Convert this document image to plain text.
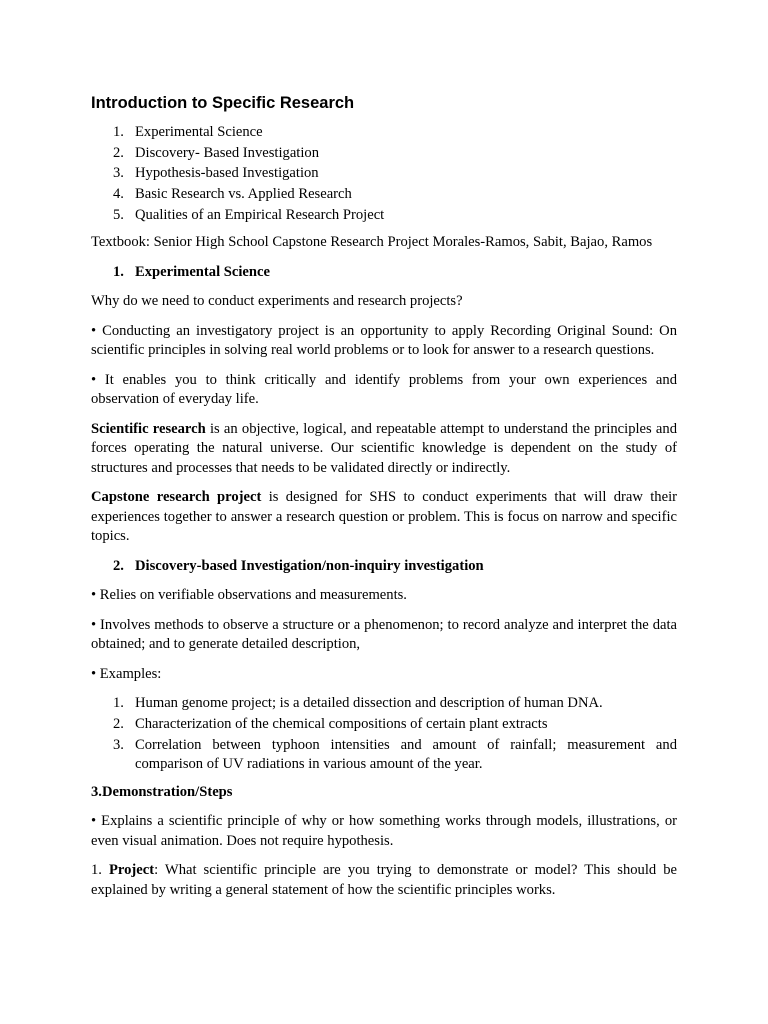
Introduction to Specific Research
1. Experimental Science
2. Discovery- Based Investigation
3. Hypothesis-based Investigation
4. Basic Research vs. Applied Research
5. Qualities of an Empirical Research Project

Textbook: Senior High School Capstone Research Project Morales-Ramos, Sabit, Bajao, Ramos

1. Experimental Science

Why do we need to conduct experiments and research projects?

• Conducting an investigatory project is an opportunity to apply Recording Original Sound: On scientific principles in solving real world problems or to look for answer to a research questions.

• It enables you to think critically and identify problems from your own experiences and observation of everyday life.

Scientific research is an objective, logical, and repeatable attempt to understand the principles and forces operating the natural universe. Our scientific knowledge is dependent on the study of structures and processes that needs to be validated directly or indirectly.

Capstone research project is designed for SHS to conduct experiments that will draw their experiences together to answer a research question or problem. This is focus on narrow and specific topics.

2. Discovery-based Investigation/non-inquiry investigation

• Relies on verifiable observations and measurements.

• Involves methods to observe a structure or a phenomenon; to record analyze and interpret the data obtained; and to generate detailed description,

• Examples:

1. Human genome project; is a detailed dissection and description of human DNA.
2. Characterization of the chemical compositions of certain plant extracts
3. Correlation between typhoon intensities and amount of rainfall; measurement and comparison of UV radiations in various amount of the year.
3.Demonstration/Steps

• Explains a scientific principle of why or how something works through models, illustrations, or even visual animation. Does not require hypothesis.

1. Project: What scientific principle are you trying to demonstrate or model? This should be explained by writing a general statement of how the scientific principles works.
